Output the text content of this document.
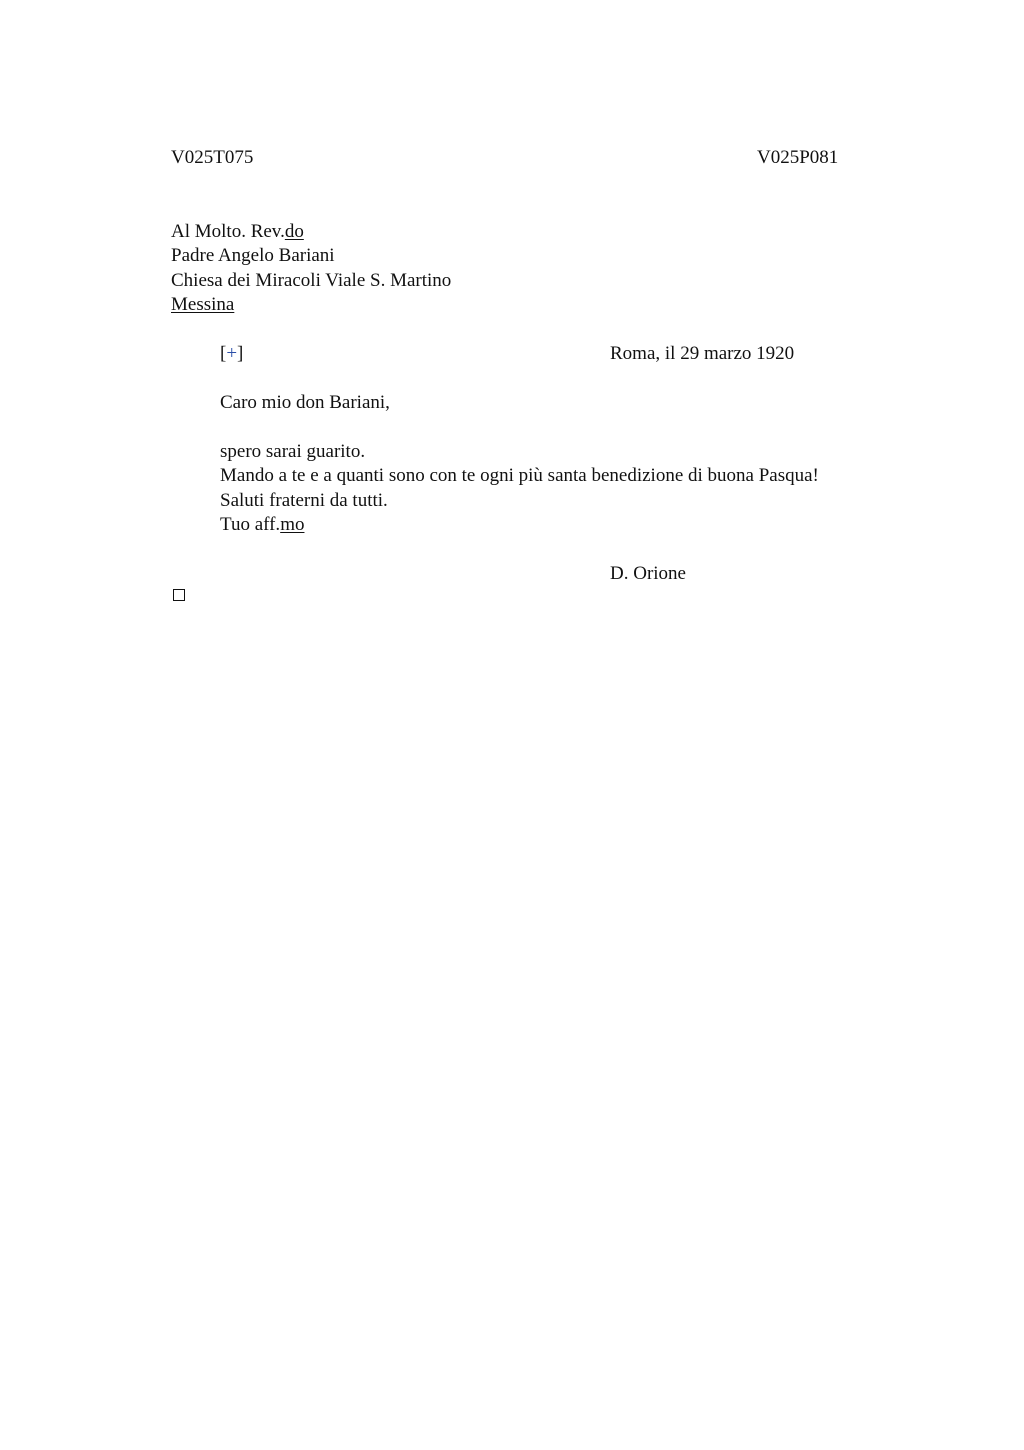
V025T075	V025P081
Al Molto. Rev.do
Padre Angelo Bariani
Chiesa dei Miracoli Viale S. Martino
Messina
[+]	Roma, il 29 marzo 1920
Caro mio don Bariani,
spero sarai guarito.
Mando a te e a quanti sono con te ogni più santa benedizione di buona Pasqua!
Saluti fraterni da tutti.
Tuo aff.mo
D. Orione
